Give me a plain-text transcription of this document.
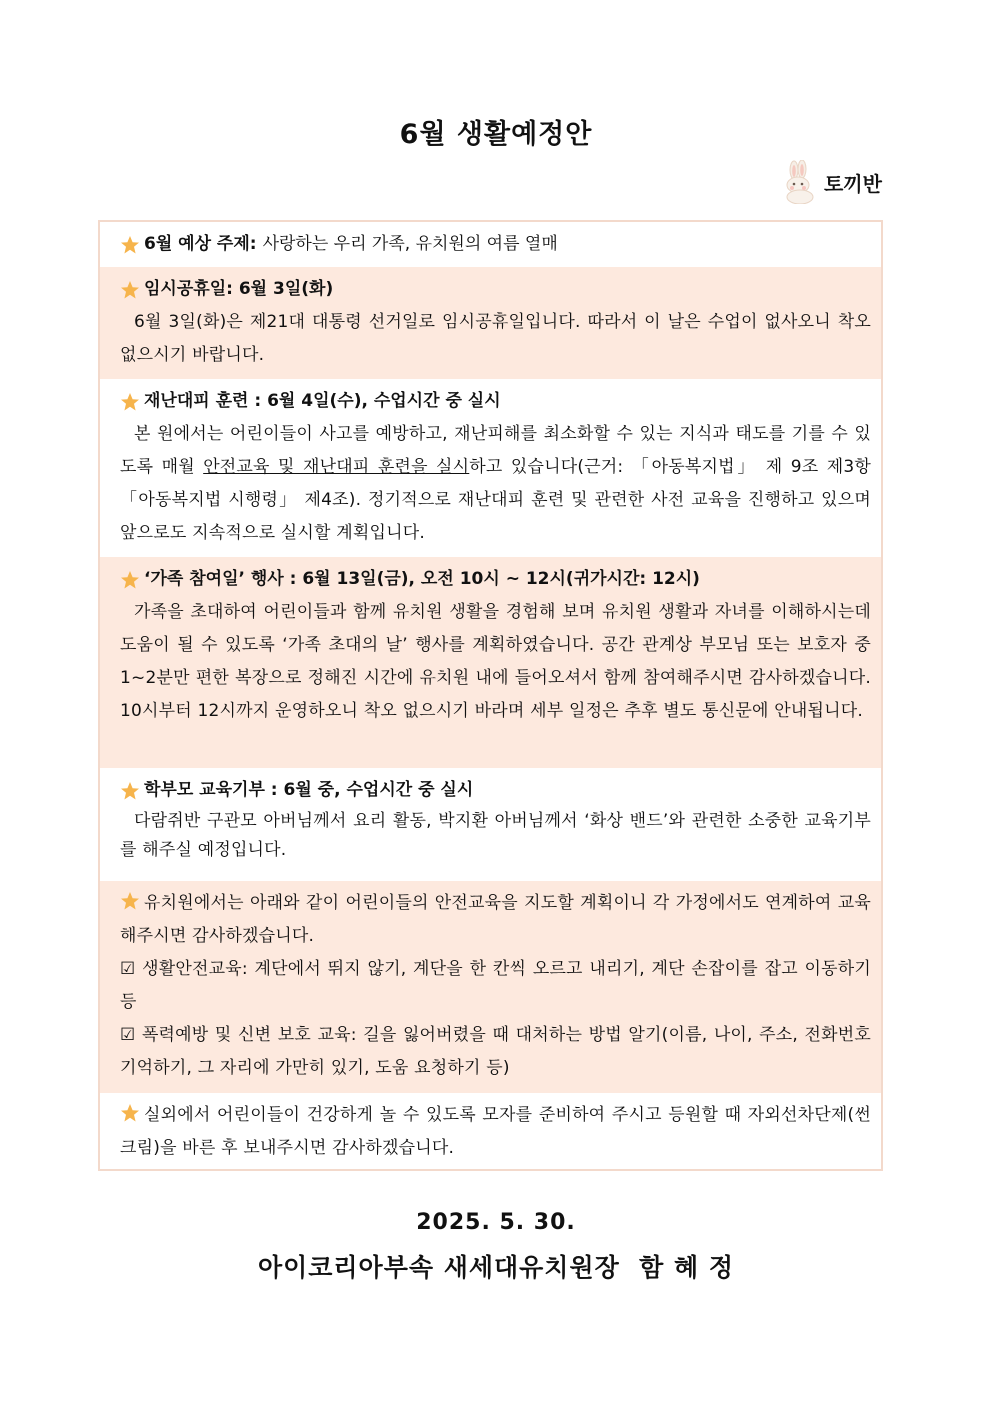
6월 생활예정안
토끼반
6월 예상 주제: 사랑하는 우리 가족, 유치원의 여름 열매
임시공휴일: 6월 3일(화)
6월 3일(화)은 제21대 대통령 선거일로 임시공휴일입니다. 따라서 이 날은 수업이 없사오니 착오 없으시기 바랍니다.
재난대피 훈련 : 6월 4일(수), 수업시간 중 실시
본 원에서는 어린이들이 사고를 예방하고, 재난피해를 최소화할 수 있는 지식과 태도를 기를 수 있도록 매월 안전교육 및 재난대피 훈련을 실시하고 있습니다(근거: 「아동복지법」 제 9조 제3항 「아동복지법 시행령」 제4조). 정기적으로 재난대피 훈련 및 관련한 사전 교육을 진행하고 있으며 앞으로도 지속적으로 실시할 계획입니다.
‘가족 참여일’ 행사 : 6월 13일(금), 오전 10시 ~ 12시(귀가시간: 12시)
가족을 초대하여 어린이들과 함께 유치원 생활을 경험해 보며 유치원 생활과 자녀를 이해하시는데 도움이 될 수 있도록 ‘가족 초대의 날’ 행사를 계획하였습니다. 공간 관계상 부모님 또는 보호자 중 1~2분만 편한 복장으로 정해진 시간에 유치원 내에 들어오셔서 함께 참여해주시면 감사하겠습니다. 10시부터 12시까지 운영하오니 착오 없으시기 바라며 세부 일정은 추후 별도 통신문에 안내됩니다.
학부모 교육기부 : 6월 중, 수업시간 중 실시
다람쥐반 구관모 아버님께서 요리 활동, 박지환 아버님께서 ‘화상 밴드’와 관련한 소중한 교육기부를 해주실 예정입니다.
유치원에서는 아래와 같이 어린이들의 안전교육을 지도할 계획이니 각 가정에서도 연계하여 교육해주시면 감사하겠습니다.
☑ 생활안전교육: 계단에서 뛰지 않기, 계단을 한 칸씩 오르고 내리기, 계단 손잡이를 잡고 이동하기 등
☑ 폭력예방 및 신변 보호 교육: 길을 잃어버렸을 때 대처하는 방법 알기(이름, 나이, 주소, 전화번호 기억하기, 그 자리에 가만히 있기, 도움 요청하기 등)
실외에서 어린이들이 건강하게 놀 수 있도록 모자를 준비하여 주시고 등원할 때 자외선차단제(썬크림)을 바른 후 보내주시면 감사하겠습니다.
2025. 5. 30.
아이코리아부속 새세대유치원장  함 혜 정
